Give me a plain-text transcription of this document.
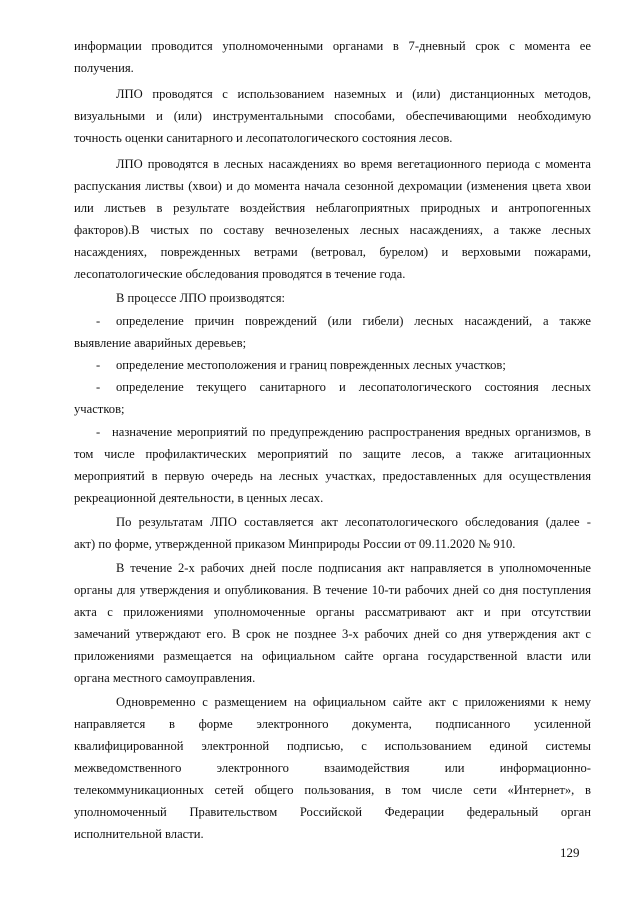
информации проводится уполномоченными органами в 7-дневный срок с момента ее
получения.
ЛПО проводятся с использованием наземных и (или) дистанционных методов,
визуальными и (или) инструментальными способами, обеспечивающими необходимую
точность оценки санитарного и лесопатологического состояния лесов.
ЛПО проводятся в лесных насаждениях во время вегетационного периода с момента
распускания листвы (хвои) и до момента начала сезонной дехромации (изменения цвета хвои
или листьев в результате воздействия неблагоприятных природных и антропогенных
факторов).В чистых по составу вечнозеленых лесных насаждениях, а также лесных
насаждениях, поврежденных ветрами (ветровал, бурелом) и верховыми пожарами,
лесопатологические обследования проводятся в течение года.
В процессе ЛПО производятся:
- определение причин повреждений (или гибели) лесных насаждений, а также
выявление аварийных деревьев;
- определение местоположения и границ поврежденных лесных участков;
- определение текущего санитарного и лесопатологического состояния лесных
участков;
- назначение мероприятий по предупреждению распространения вредных организмов, в
том числе профилактических мероприятий по защите лесов, а также агитационных
мероприятий в первую очередь на лесных участках, предоставленных для осуществления
рекреационной деятельности, в ценных лесах.
По результатам ЛПО составляется акт лесопатологического обследования (далее -
акт) по форме, утвержденной приказом Минприроды России от 09.11.2020 № 910.
В течение 2-х рабочих дней после подписания акт направляется в уполномоченные
органы для утверждения и опубликования. В течение 10-ти рабочих дней со дня поступления
акта с приложениями уполномоченные органы рассматривают акт и при отсутствии
замечаний утверждают его. В срок не позднее 3-х рабочих дней со дня утверждения акт с
приложениями размещается на официальном сайте органа государственной власти или
органа местного самоуправления.
Одновременно с размещением на официальном сайте акт с приложениями к нему
направляется в форме электронного документа, подписанного усиленной
квалифицированной электронной подписью, с использованием единой системы
межведомственного электронного взаимодействия или информационно-
телекоммуникационных сетей общего пользования, в том числе сети «Интернет», в
уполномоченный Правительством Российской Федерации федеральный орган
исполнительной власти.
129
